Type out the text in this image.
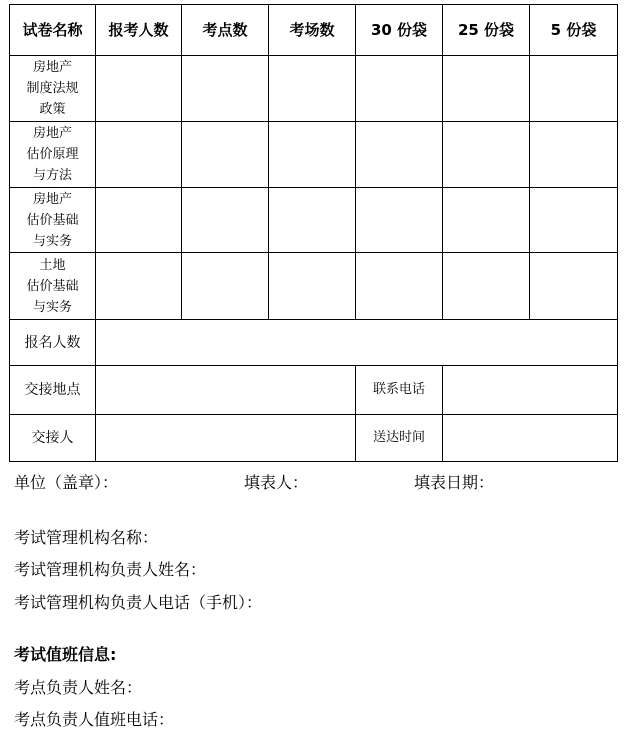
试卷名称	报考人数	考点数	考场数	30 份袋	25 份袋	5 份袋

房地产
制度法规
政策						

房地产
估价原理
与方法						

房地产
估价基础
与实务						

土地
估价基础
与实务						

报名人数						
交接地点				联系电话		
交接人				送达时间		
单位（盖章）：	填表人：	填表日期：
考试管理机构名称：
考试管理机构负责人姓名：
考试管理机构负责人电话（手机）：
考试值班信息:
考点负责人姓名：
考点负责人值班电话：
